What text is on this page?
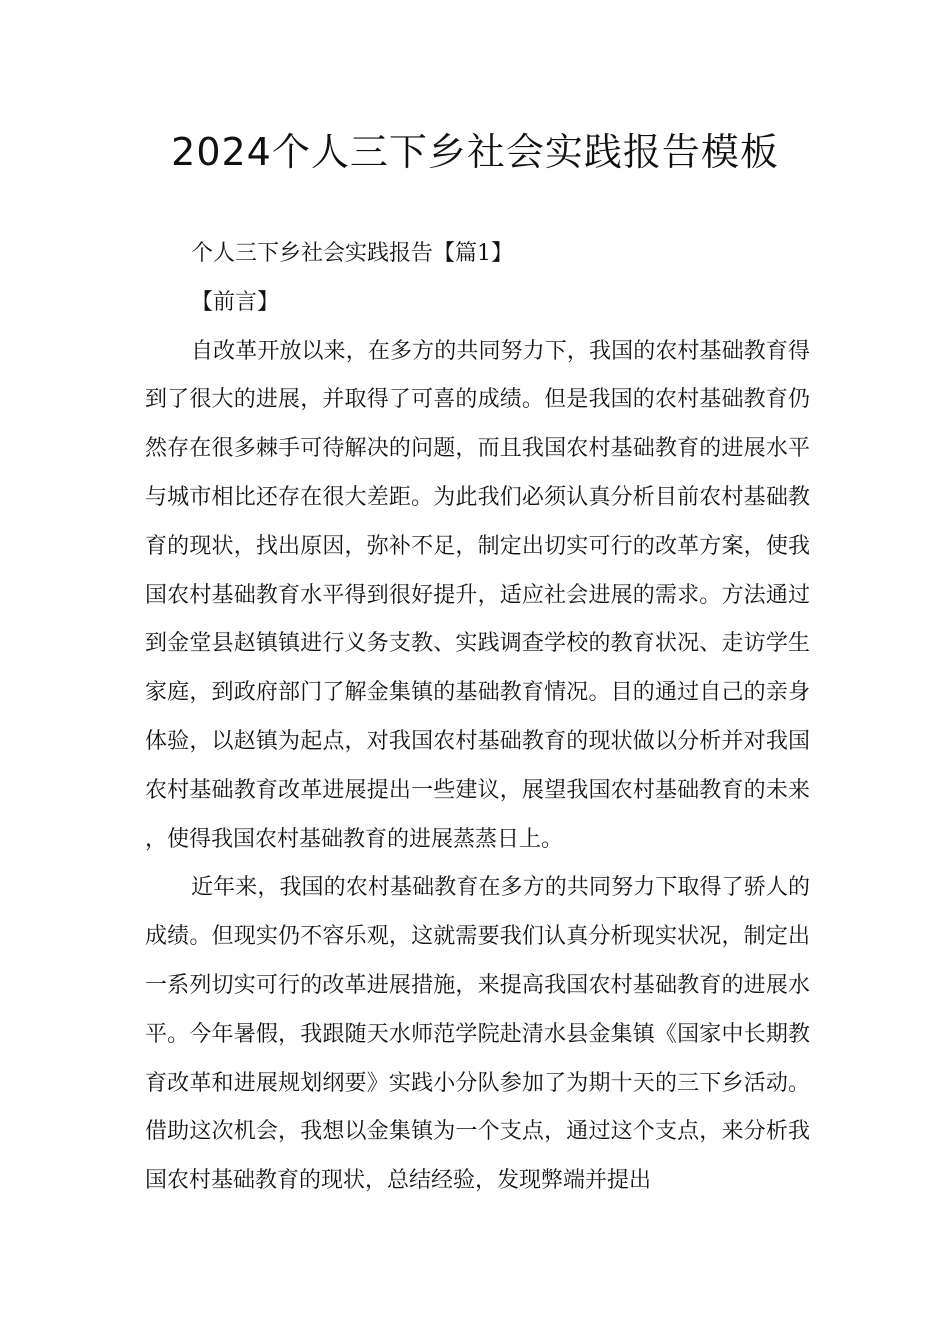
2024个人三下乡社会实践报告模板

个人三下乡社会实践报告【篇1】

【前言】

自改革开放以来，在多方的共同努力下，我国的农村基础教育得到了很大的进展，并取得了可喜的成绩。但是我国的农村基础教育仍然存在很多棘手可待解决的问题，而且我国农村基础教育的进展水平与城市相比还存在很大差距。为此我们必须认真分析目前农村基础教育的现状，找出原因，弥补不足，制定出切实可行的改革方案，使我国农村基础教育水平得到很好提升，适应社会进展的需求。方法通过到金堂县赵镇镇进行义务支教、实践调查学校的教育状况、走访学生家庭，到政府部门了解金集镇的基础教育情况。目的通过自己的亲身体验，以赵镇为起点，对我国农村基础教育的现状做以分析并对我国农村基础教育改革进展提出一些建议，展望我国农村基础教育的未来，使得我国农村基础教育的进展蒸蒸日上。

近年来，我国的农村基础教育在多方的共同努力下取得了骄人的成绩。但现实仍不容乐观，这就需要我们认真分析现实状况，制定出一系列切实可行的改革进展措施，来提高我国农村基础教育的进展水平。今年暑假，我跟随天水师范学院赴清水县金集镇《国家中长期教育改革和进展规划纲要》实践小分队参加了为期十天的三下乡活动。借助这次机会，我想以金集镇为一个支点，通过这个支点，来分析我国农村基础教育的现状，总结经验，发现弊端并提出
